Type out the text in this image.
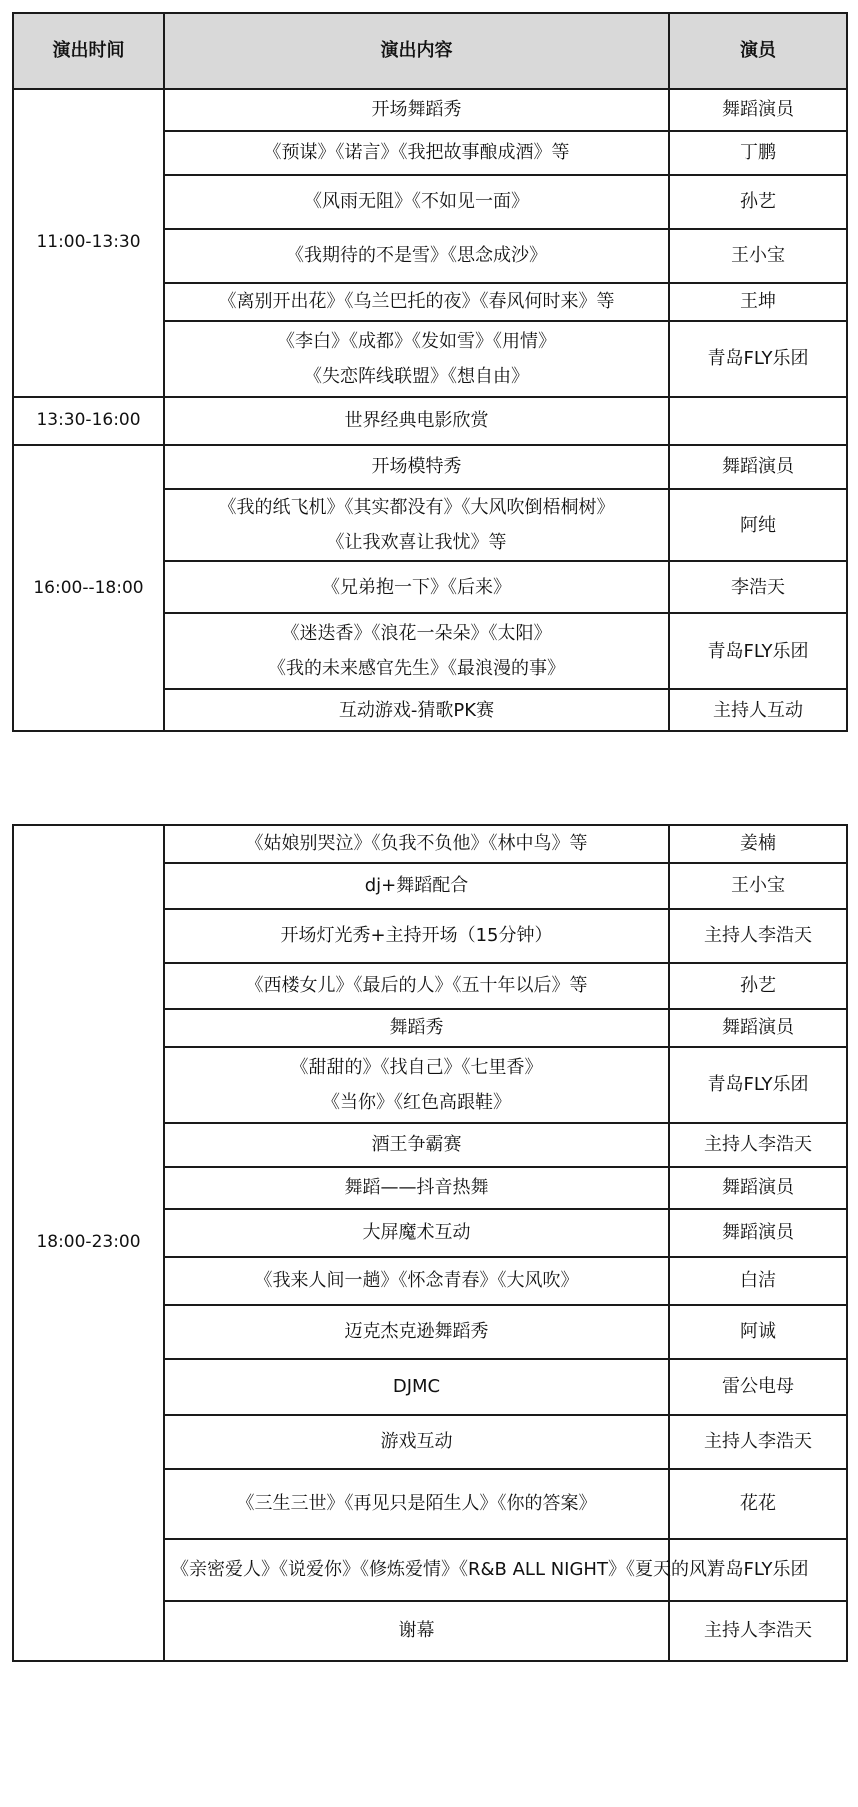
演出时间	演出内容	演员
11:00-13:30	开场舞蹈秀	舞蹈演员

	《预谋》《诺言》《我把故事酿成酒》等	丁鹏

	《风雨无阻》《不如见一面》	孙艺

	《我期待的不是雪》《思念成沙》	王小宝

	《离别开出花》《乌兰巴托的夜》《春风何时来》等	王坤

	《李白》《成都》《发如雪》《用情》
《失恋阵线联盟》《想自由》	青岛FLY乐团
13:30-16:00	世界经典电影欣赏	

16:00--18:00	开场模特秀	舞蹈演员

	《我的纸飞机》《其实都没有》《大风吹倒梧桐树》
《让我欢喜让我忧》等	阿纯

	《兄弟抱一下》《后来》	李浩天

	《迷迭香》《浪花一朵朵》《太阳》
《我的未来感官先生》《最浪漫的事》	青岛FLY乐团

	互动游戏-猜歌PK赛	主持人互动
18:00-23:00	《姑娘别哭泣》《负我不负他》《林中鸟》等	姜楠

	dj+舞蹈配合	王小宝

	开场灯光秀+主持开场（15分钟）	主持人李浩天

	《西楼女儿》《最后的人》《五十年以后》等	孙艺

	舞蹈秀	舞蹈演员

	《甜甜的》《找自己》《七里香》
《当你》《红色高跟鞋》	青岛FLY乐团

	酒王争霸赛	主持人李浩天

	舞蹈——抖音热舞	舞蹈演员

	大屏魔术互动	舞蹈演员

	《我来人间一趟》《怀念青春》《大风吹》	白洁

	迈克杰克逊舞蹈秀	阿诚

	DJMC	雷公电母

	游戏互动	主持人李浩天

	《三生三世》《再见只是陌生人》《你的答案》	花花

	《亲密爱人》《说爱你》《修炼爱情》《R&B ALL NIGHT》《夏天的风》	青岛FLY乐团

	谢幕	主持人李浩天
